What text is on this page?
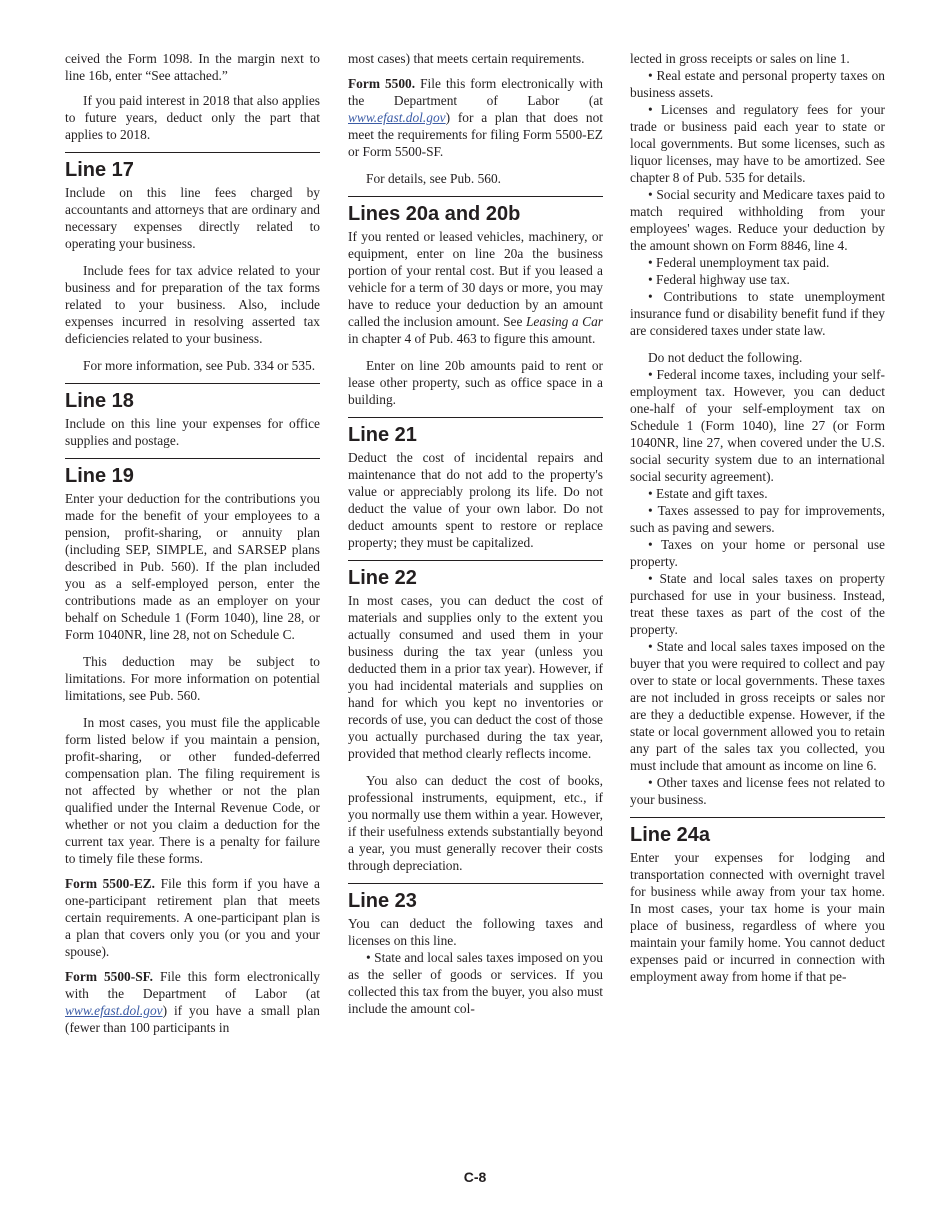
ceived the Form 1098. In the margin next to line 16b, enter “See attached.”

If you paid interest in 2018 that also applies to future years, deduct only the part that applies to 2018.

Line 17

Include on this line fees charged by accountants and attorneys that are ordinary and necessary expenses directly related to operating your business.

Include fees for tax advice related to your business and for preparation of the tax forms related to your business. Also, include expenses incurred in resolving asserted tax deficiencies related to your business.

For more information, see Pub. 334 or 535.

Line 18

Include on this line your expenses for office supplies and postage.

Line 19

Enter your deduction for the contributions you made for the benefit of your employees to a pension, profit-sharing, or annuity plan (including SEP, SIMPLE, and SARSEP plans described in Pub. 560). If the plan included you as a self-employed person, enter the contributions made as an employer on your behalf on Schedule 1 (Form 1040), line 28, or Form 1040NR, line 28, not on Schedule C.

This deduction may be subject to limitations. For more information on potential limitations, see Pub. 560.

In most cases, you must file the applicable form listed below if you maintain a pension, profit-sharing, or other funded-deferred compensation plan. The filing requirement is not affected by whether or not the plan qualified under the Internal Revenue Code, or whether or not you claim a deduction for the current tax year. There is a penalty for failure to timely file these forms.

Form 5500-EZ. File this form if you have a one-participant retirement plan that meets certain requirements. A one-participant plan is a plan that covers only you (or you and your spouse).

Form 5500-SF. File this form electronically with the Department of Labor (at www.efast.dol.gov) if you have a small plan (fewer than 100 participants in

most cases) that meets certain requirements.

Form 5500. File this form electronically with the Department of Labor (at www.efast.dol.gov) for a plan that does not meet the requirements for filing Form 5500-EZ or Form 5500-SF.

For details, see Pub. 560.

Lines 20a and 20b

If you rented or leased vehicles, machinery, or equipment, enter on line 20a the business portion of your rental cost. But if you leased a vehicle for a term of 30 days or more, you may have to reduce your deduction by an amount called the inclusion amount. See Leasing a Car in chapter 4 of Pub. 463 to figure this amount.

Enter on line 20b amounts paid to rent or lease other property, such as office space in a building.

Line 21

Deduct the cost of incidental repairs and maintenance that do not add to the property's value or appreciably prolong its life. Do not deduct the value of your own labor. Do not deduct amounts spent to restore or replace property; they must be capitalized.

Line 22

In most cases, you can deduct the cost of materials and supplies only to the extent you actually consumed and used them in your business during the tax year (unless you deducted them in a prior tax year). However, if you had incidental materials and supplies on hand for which you kept no inventories or records of use, you can deduct the cost of those you actually purchased during the tax year, provided that method clearly reflects income.

You also can deduct the cost of books, professional instruments, equipment, etc., if you normally use them within a year. However, if their usefulness extends substantially beyond a year, you must generally recover their costs through depreciation.

Line 23

You can deduct the following taxes and licenses on this line.

• State and local sales taxes imposed on you as the seller of goods or services. If you collected this tax from the buyer, you also must include the amount col-

lected in gross receipts or sales on line 1.

• Real estate and personal property taxes on business assets.

• Licenses and regulatory fees for your trade or business paid each year to state or local governments. But some licenses, such as liquor licenses, may have to be amortized. See chapter 8 of Pub. 535 for details.

• Social security and Medicare taxes paid to match required withholding from your employees' wages. Reduce your deduction by the amount shown on Form 8846, line 4.

• Federal unemployment tax paid.

• Federal highway use tax.

• Contributions to state unemployment insurance fund or disability benefit fund if they are considered taxes under state law.

Do not deduct the following.

• Federal income taxes, including your self-employment tax. However, you can deduct one-half of your self-employment tax on Schedule 1 (Form 1040), line 27 (or Form 1040NR, line 27, when covered under the U.S. social security system due to an international social security agreement).

• Estate and gift taxes.

• Taxes assessed to pay for improvements, such as paving and sewers.

• Taxes on your home or personal use property.

• State and local sales taxes on property purchased for use in your business. Instead, treat these taxes as part of the cost of the property.

• State and local sales taxes imposed on the buyer that you were required to collect and pay over to state or local governments. These taxes are not included in gross receipts or sales nor are they a deductible expense. However, if the state or local government allowed you to retain any part of the sales tax you collected, you must include that amount as income on line 6.

• Other taxes and license fees not related to your business.

Line 24a

Enter your expenses for lodging and transportation connected with overnight travel for business while away from your tax home. In most cases, your tax home is your main place of business, regardless of where you maintain your family home. You cannot deduct expenses paid or incurred in connection with employment away from home if that pe-

C-8
